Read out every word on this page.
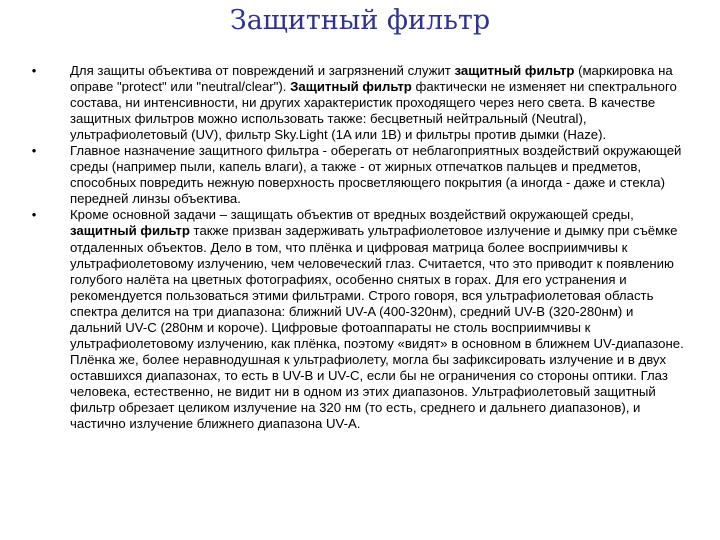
Защитный фильтр
•	Для защиты объектива от повреждений и загрязнений служит защитный фильтр (маркировка на оправе "protect" или "neutral/clear"). Защитный фильтр фактически не изменяет ни спектрального состава, ни интенсивности, ни других характеристик проходящего через него света. В качестве защитных фильтров можно использовать также: бесцветный нейтральный (Neutral), ультрафиолетовый (UV), фильтр Sky.Light (1A или 1B) и фильтры против дымки (Haze).
•	Главное назначение защитного фильтра - оберегать от неблагоприятных воздействий окружающей среды (например пыли, капель влаги), а также - от жирных отпечатков пальцев и предметов, способных повредить нежную поверхность просветляющего покрытия (а иногда - даже и стекла) передней линзы объектива.
•	Кроме основной задачи – защищать объектив от вредных воздействий окружающей среды, защитный фильтр также призван задерживать ультрафиолетовое излучение и дымку при съёмке отдаленных объектов. Дело в том, что плёнка и цифровая матрица более восприимчивы к ультрафиолетовому излучению, чем человеческий глаз. Считается, что это приводит к появлению голубого налёта на цветных фотографиях, особенно снятых в горах. Для его устранения и рекомендуется пользоваться этими фильтрами. Строго говоря, вся ультрафиолетовая область спектра делится на три диапазона: ближний UV-A (400-320нм), средний UV-B (320-280нм) и дальний UV-C (280нм и короче). Цифровые фотоаппараты не столь восприимчивы к ультрафиолетовому излучению, как плёнка, поэтому «видят» в основном в ближнем UV-диапазоне. Плёнка же, более неравнодушная к ультрафиолету, могла бы зафиксировать излучение и в двух оставшихся диапазонах, то есть в UV-B и UV-C, если бы не ограничения со стороны оптики. Глаз человека, естественно, не видит ни в одном из этих диапазонов. Ультрафиолетовый защитный фильтр обрезает целиком излучение на 320 нм (то есть, среднего и дальнего диапазонов), и частично излучение ближнего диапазона UV-A.
